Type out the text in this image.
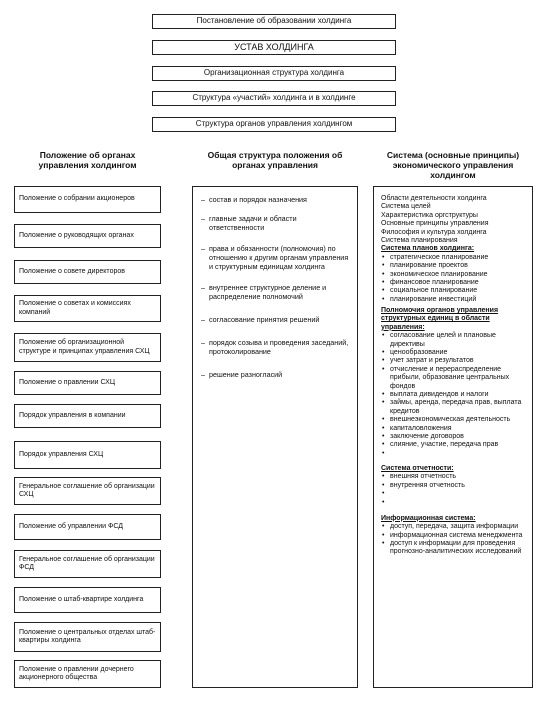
Постановление об образовании холдинга
УСТАВ ХОЛДИНГА
Организационная структура холдинга
Структура «участий» холдинга и в холдинге
Структура органов управления холдингом
Положение об органах управления холдингом
Общая структура положения об органах управления
Система (основные принципы) экономического управления холдингом
Положение о собрании акционеров
Положение о руководящих органах
Положение о совете директоров
Положение о советах и комиссиях компаний
Положение об организационной структуре и принципах управления СХЦ
Положение о правлении СХЦ
Порядок управления в компании
Порядок управления СХЦ
Генеральное соглашение об организации СХЦ
Положение об управлении ФСД
Генеральное соглашение об организации ФСД
Положение о штаб-квартире холдинга
Положение о центральных отделах штаб-квартиры холдинга
Положение о правлении дочернего акционерного общества
– состав и порядок назначения
– главные задачи и области ответственности
– права и обязанности (полномочия) по отношению к другим органам управления и структурным единицам холдинга
– внутреннее структурное деление и распределение полномочий
– согласование принятия решений
– порядок созыва и проведения заседаний, протоколирование
– решение разногласий
Области деятельности холдинга
Система целей
Характеристика оргструктуры
Основные принципы управления
Философия и культура холдинга
Система планирования
Система планов холдинга:
• стратегическое планирование
• планирование проектов
• экономическое планирование
• финансовое планирование
• социальное планирование
• планирование инвестиций
Полномочия органов управления структурных единиц в области управления:
• согласование целей и плановые директивы
• ценообразование
• учет затрат и результатов
• отчисление и перераспределение прибыли, образование центральных фондов
• выплата дивидендов и налоги
• займы, аренда, передача прав, выплата кредитов
• внешнеэкономическая деятельность
• капиталовложения
• заключение договоров
• слияние, участие, передача прав
•
Система отчетности:
• внешняя отчетность
• внутренняя отчетность
•
•
Информационная система:
• доступ, передача, защита информации
• информационная система менеджмента
• доступ к информации для проведения прогнозно-аналитических исследований
